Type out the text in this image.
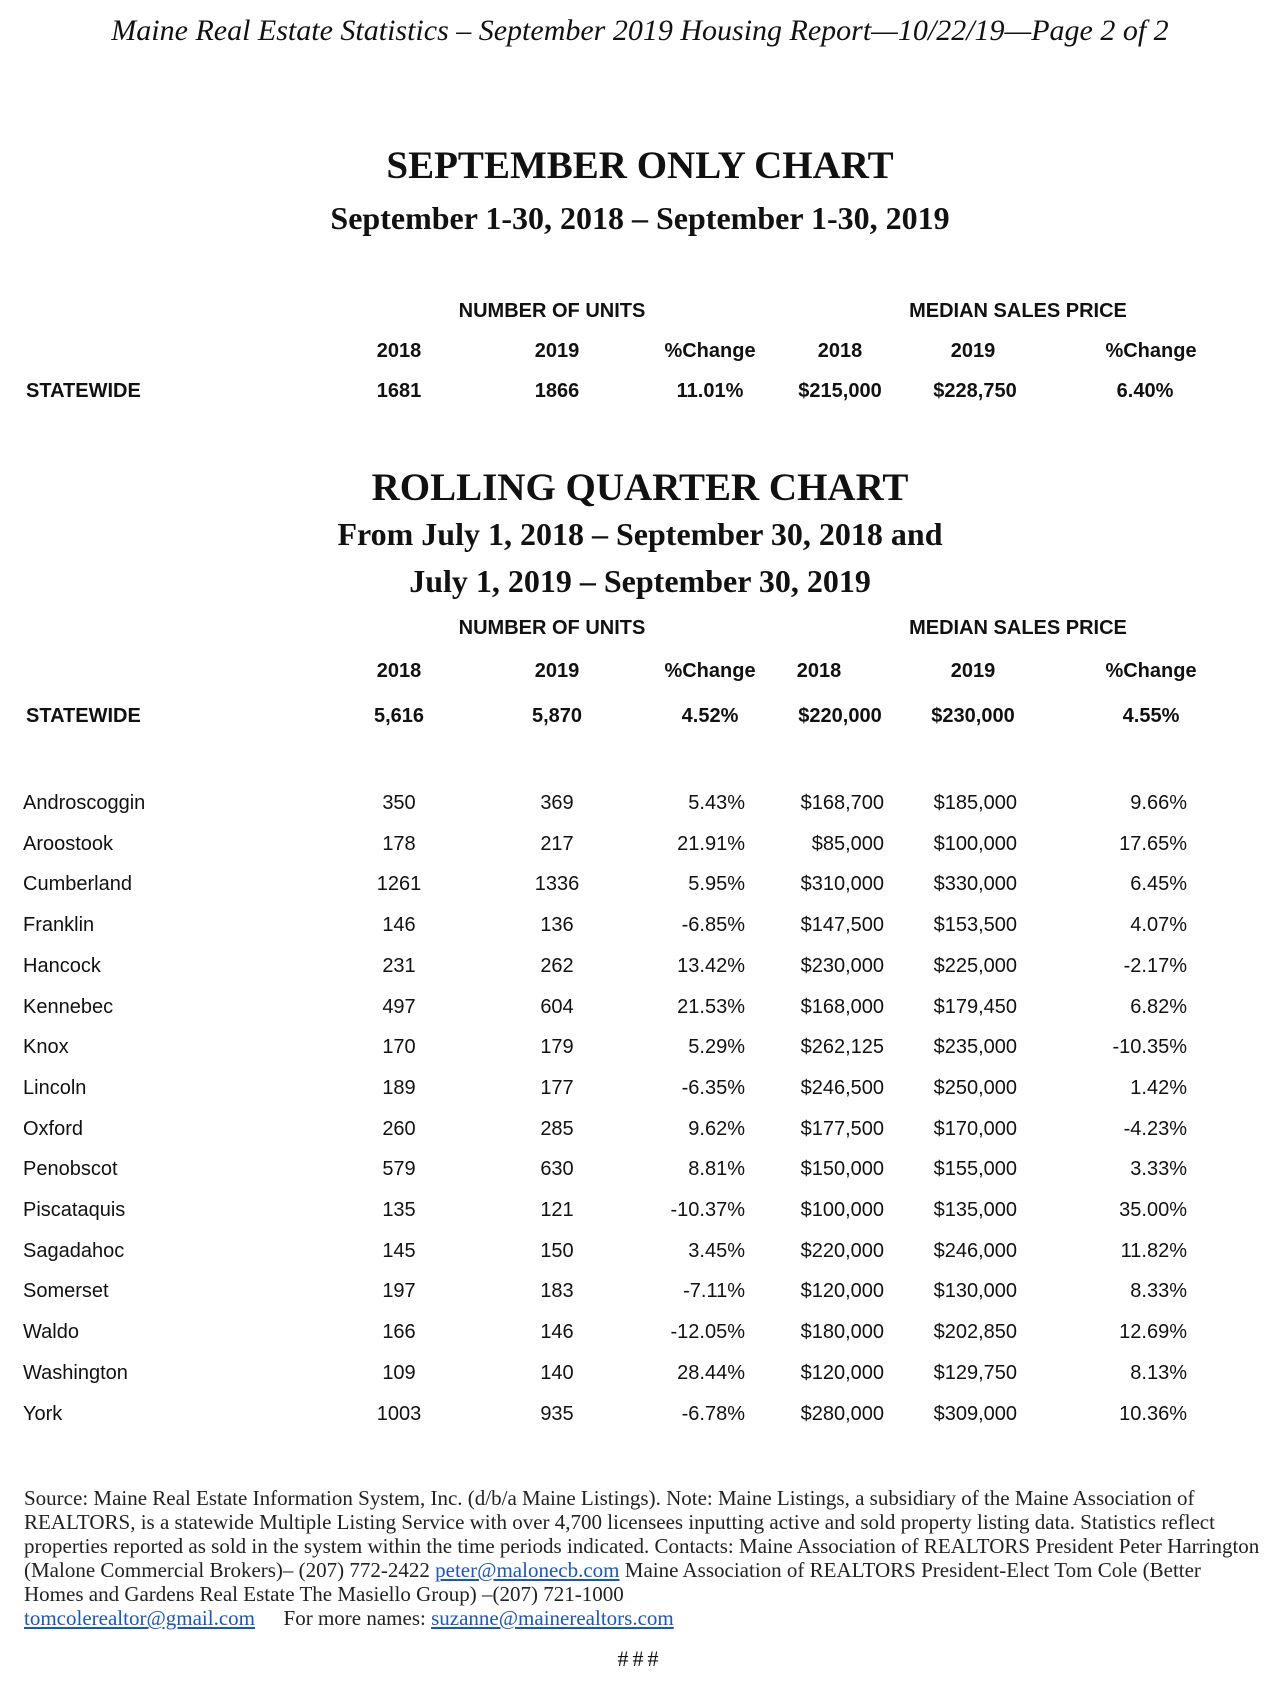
Maine Real Estate Statistics – September 2019 Housing Report—10/22/19—Page 2 of 2
SEPTEMBER ONLY CHART
September 1-30, 2018 – September 1-30, 2019
NUMBER OF UNITS	MEDIAN SALES PRICE
2018	2019	%Change	2018	2019	%Change
STATEWIDE	1681	1866	11.01%	$215,000	$228,750	6.40%
ROLLING QUARTER CHART
From July 1, 2018 – September 30, 2018 and
July 1, 2019 – September 30, 2019
NUMBER OF UNITS	MEDIAN SALES PRICE
2018	2019	%Change 2018	2019	%Change
STATEWIDE	5,616	5,870	4.52%	$220,000 $230,000	4.55%
Androscoggin	350	369	5.43%	$168,700 $185,000	9.66%
Aroostook	178	217	21.91%	$85,000 $100,000	17.65%
Cumberland	1261	1336	5.95%	$310,000 $330,000	6.45%
Franklin	146	136	-6.85%	$147,500 $153,500	4.07%
Hancock	231	262	13.42%	$230,000 $225,000	-2.17%
Kennebec	497	604	21.53%	$168,000 $179,450	6.82%
Knox	170	179	5.29%	$262,125 $235,000	-10.35%
Lincoln	189	177	-6.35%	$246,500 $250,000	1.42%
Oxford	260	285	9.62%	$177,500 $170,000	-4.23%
Penobscot	579	630	8.81%	$150,000 $155,000	3.33%
Piscataquis	135	121	-10.37%	$100,000 $135,000	35.00%
Sagadahoc	145	150	3.45%	$220,000 $246,000	11.82%
Somerset	197	183	-7.11%	$120,000 $130,000	8.33%
Waldo	166	146	-12.05%	$180,000 $202,850	12.69%
Washington	109	140	28.44%	$120,000 $129,750	8.13%
York	1003	935	-6.78%	$280,000 $309,000	10.36%
Source: Maine Real Estate Information System, Inc. (d/b/a Maine Listings). Note: Maine Listings, a subsidiary of the Maine Association of REALTORS, is a statewide Multiple Listing Service with over 4,700 licensees inputting active and sold property listing data. Statistics reflect properties reported as sold in the system within the time periods indicated. Contacts: Maine Association of REALTORS President Peter Harrington (Malone Commercial Brokers)– (207) 772-2422 peter@malonecb.com Maine Association of REALTORS President-Elect Tom Cole (Better Homes and Gardens Real Estate The Masiello Group) –(207) 721-1000
tomcolerealtor@gmail.com For more names: suzanne@mainerealtors.com
###
